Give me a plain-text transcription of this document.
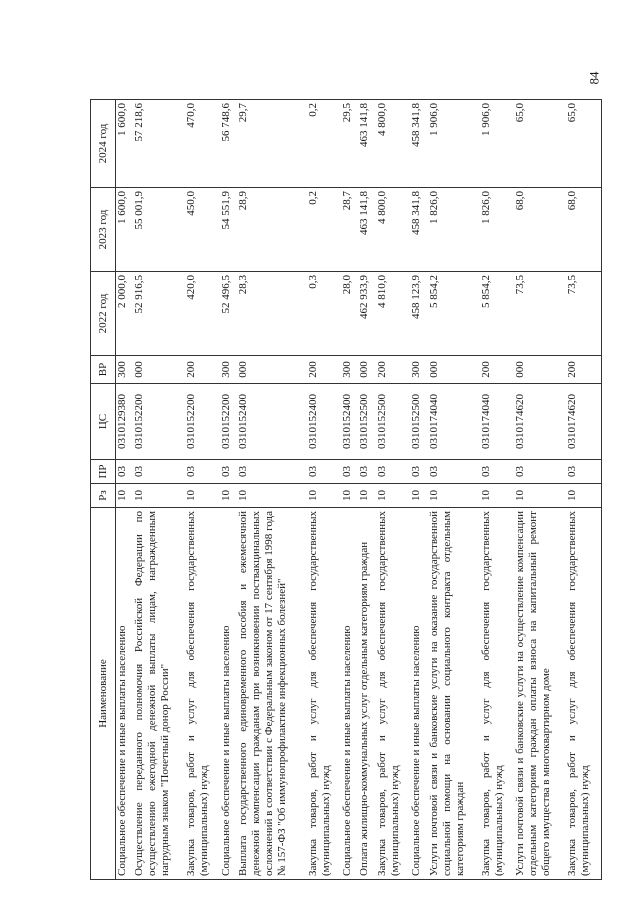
84
Наименование	Рз	ПР	ЦС	ВР	2022 год	2023 год	2024 год
Социальное обеспечение и иные выплаты населению	10	03	0310129380	300	2 000,0	1 600,0	1 600,0
Осуществление переданного полномочия Российской Федерации по осуществлению ежегодной денежной выплаты лицам, награжденным нагрудным знаком "Почетный донор России"	10	03	0310152200	000	52 916,5	55 001,9	57 218,6
Закупка товаров, работ и услуг для обеспечения государственных (муниципальных) нужд	10	03	0310152200	200	420,0	450,0	470,0
Социальное обеспечение и иные выплаты населению	10	03	0310152200	300	52 496,5	54 551,9	56 748,6
Выплата государственного единовременного пособия и ежемесячной денежной компенсации гражданам при возникновении поствакцинальных осложнений в соответствии с Федеральным законом от 17 сентября 1998 года № 157-ФЗ "Об иммунопрофилактике инфекционных болезней"	10	03	0310152400	000	28,3	28,9	29,7
Закупка товаров, работ и услуг для обеспечения государственных (муниципальных) нужд	10	03	0310152400	200	0,3	0,2	0,2
Социальное обеспечение и иные выплаты населению	10	03	0310152400	300	28,0	28,7	29,5
Оплата жилищно-коммунальных услуг отдельным категориям граждан	10	03	0310152500	000	462 933,9	463 141,8	463 141,8
Закупка товаров, работ и услуг для обеспечения государственных (муниципальных) нужд	10	03	0310152500	200	4 810,0	4 800,0	4 800,0
Социальное обеспечение и иные выплаты населению	10	03	0310152500	300	458 123,9	458 341,8	458 341,8
Услуги почтовой связи и банковские услуги на оказание государственной социальной помощи на основании социального контракта отдельным категориям граждан	10	03	0310174040	000	5 854,2	1 826,0	1 906,0
Закупка товаров, работ и услуг для обеспечения государственных (муниципальных) нужд	10	03	0310174040	200	5 854,2	1 826,0	1 906,0
Услуги почтовой связи и банковские услуги на осуществление компенсации отдельным категориям граждан оплаты взноса на капитальный ремонт общего имущества в многоквартирном доме	10	03	0310174620	000	73,5	68,0	65,0
Закупка товаров, работ и услуг для обеспечения государственных (муниципальных) нужд	10	03	0310174620	200	73,5	68,0	65,0
